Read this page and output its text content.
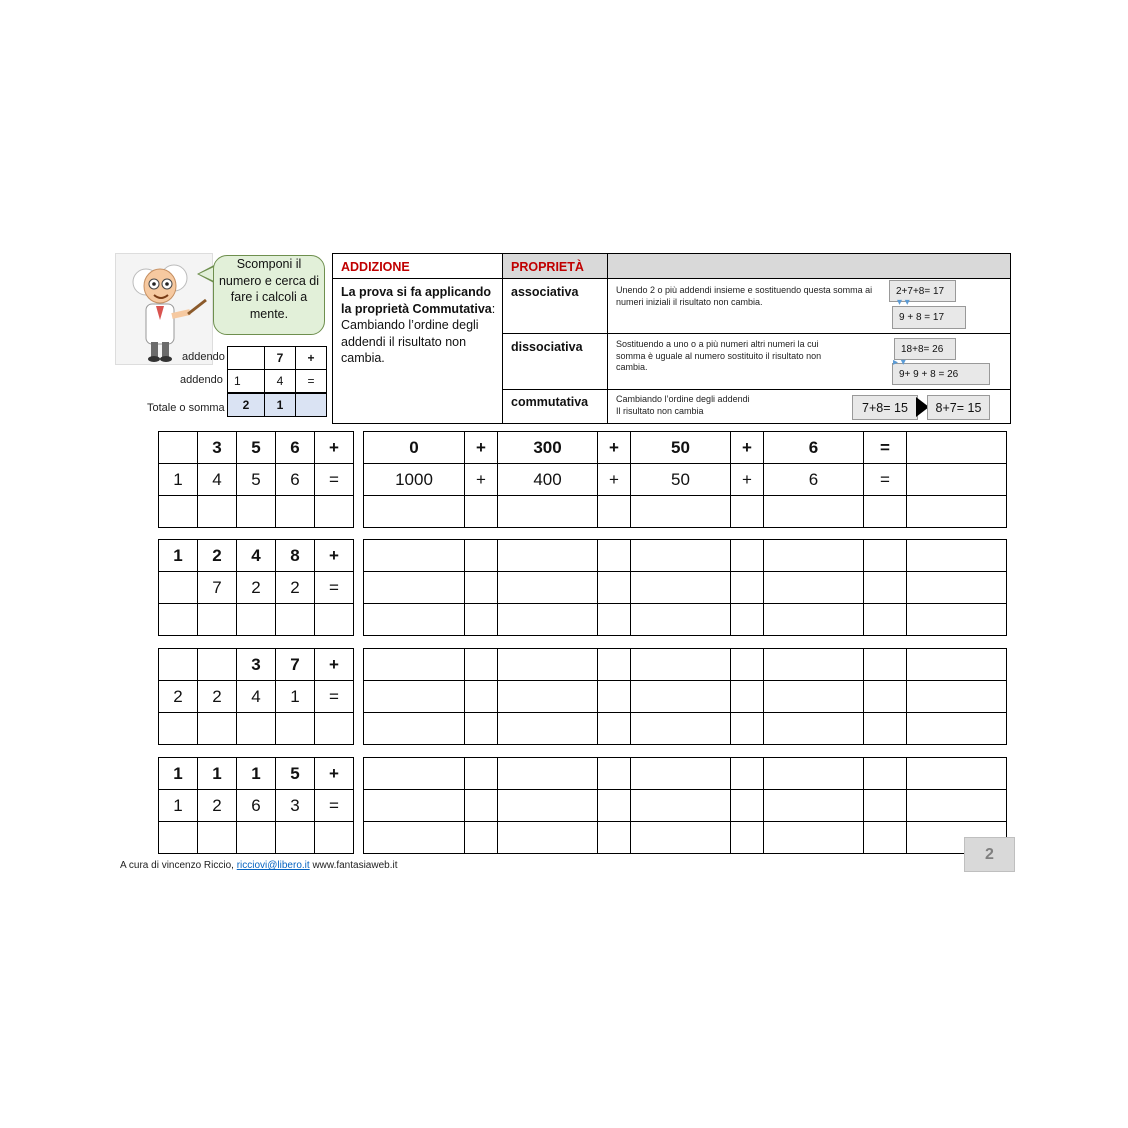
Scomponi il numero e cerca di fare i calcoli a mente.
addendo
addendo
Totale o somma
	7	+
1	4	=
2	1	
ADDIZIONE	PROPRIETÀ
La prova si fa applicando la proprietà Commutativa: Cambiando l’ordine degli addendi il risultato non cambia.
associativa	Unendo 2 o più addendi insieme e sostituendo questa somma ai numeri iniziali il risultato non cambia.
2+7+8= 17
9 + 8 = 17
▾ ▾
dissociativa	Sostituendo a uno o a più numeri altri numeri la cui somma è uguale al numero sostituito il risultato non cambia.
18+8= 26
9+ 9 + 8 = 26
▸ ▾
commutativa	Cambiando l’ordine degli addendi
Il risultato non cambia	7+8= 15	8+7= 15
	3	5	6	+
1	4	5	6	=

0	+	300	+	50	+	6	=	
1000	+	400	+	50	+	6	=	

1	2	4	8	+
	7	2	2	=

		3	7	+
2	2	4	1	=

1	1	1	5	+
1	2	6	3	=

A cura di vincenzo Riccio, ricciovi@libero.it www.fantasiaweb.it
2
